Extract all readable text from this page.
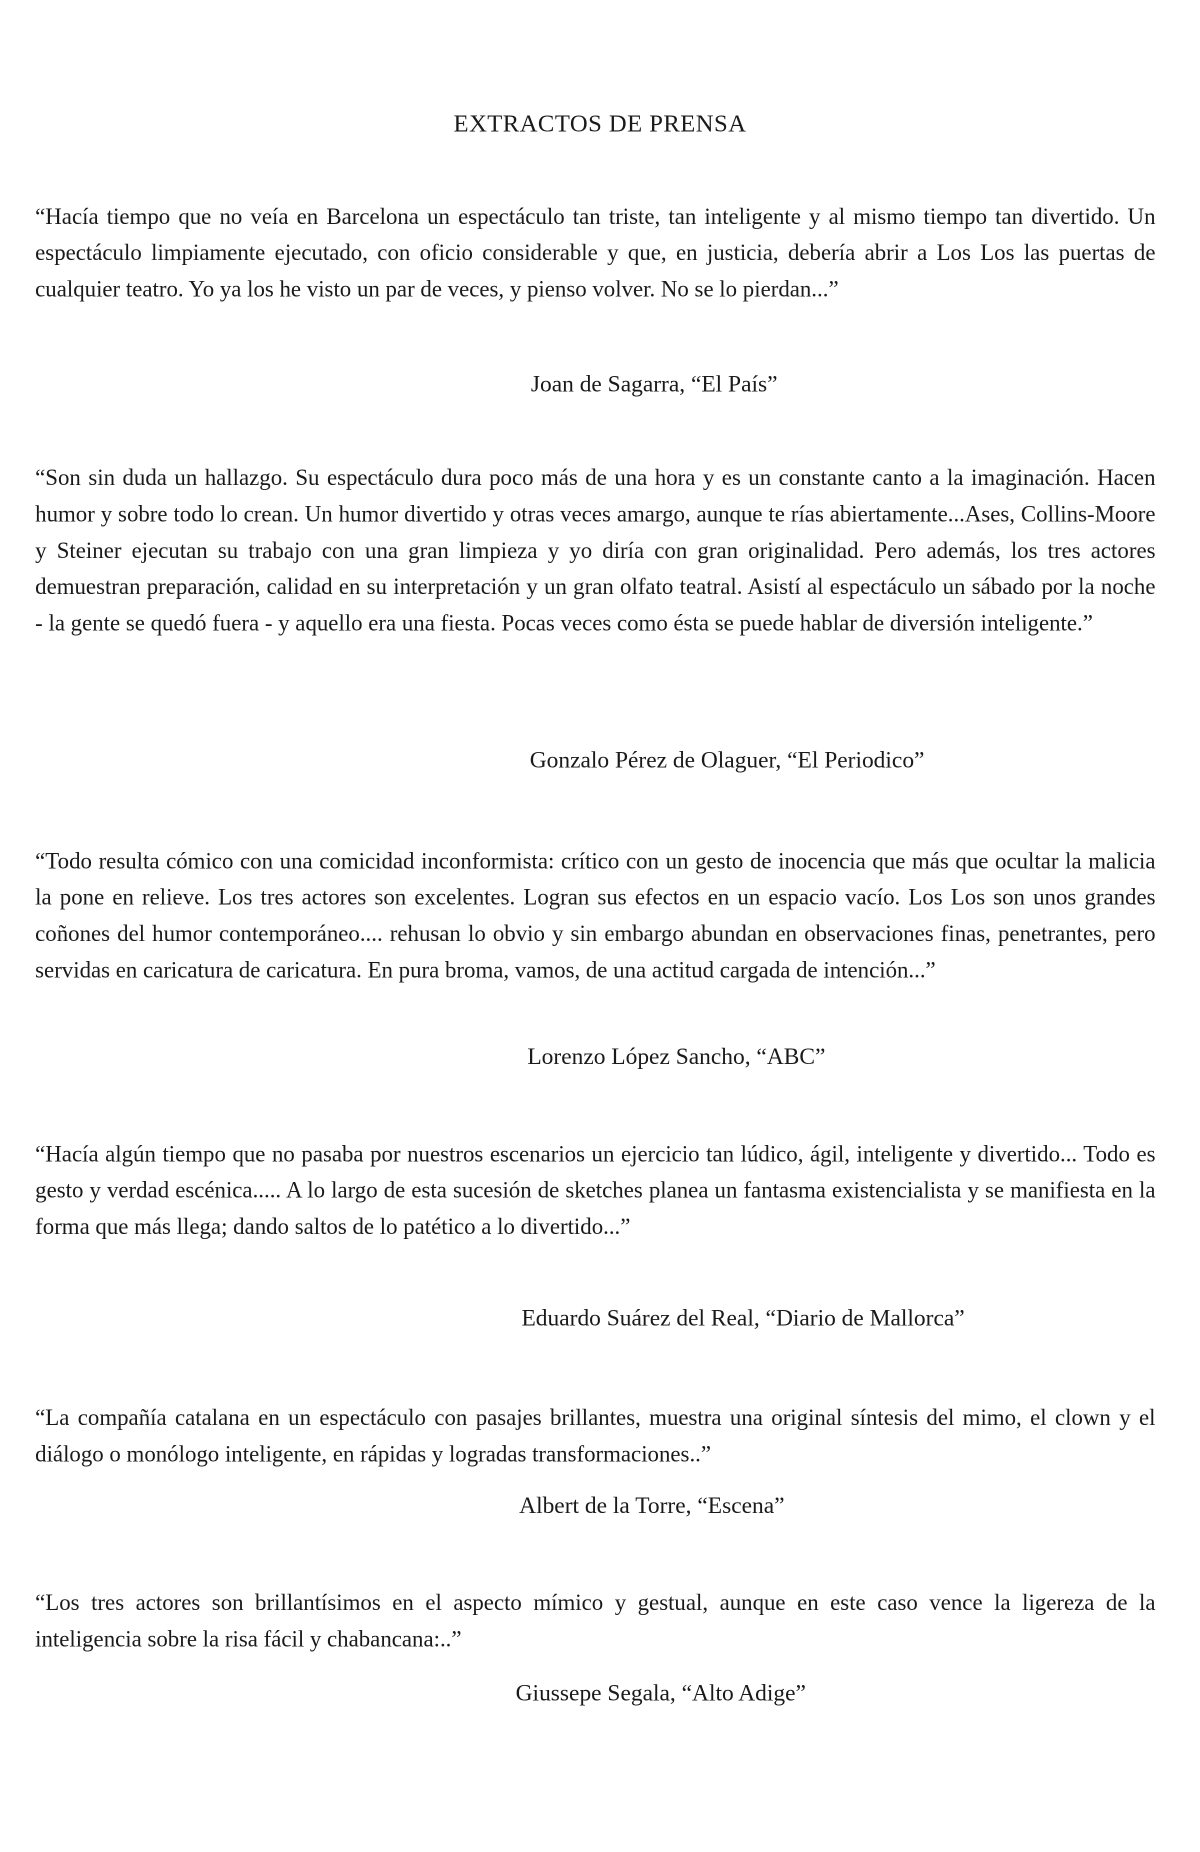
EXTRACTOS DE PRENSA

“Hacía tiempo que no veía en Barcelona un espectáculo tan triste, tan inteligente y al mismo tiempo tan divertido. Un espectáculo limpiamente ejecutado, con oficio considerable y que, en justicia, debería abrir a Los Los las puertas de cualquier teatro. Yo ya los he visto un par de veces, y pienso volver. No se lo pierdan...”

Joan de Sagarra, “El País”

“Son sin duda un hallazgo. Su espectáculo dura poco más de una hora y es un constante canto a la imaginación. Hacen humor y sobre todo lo crean. Un humor divertido y otras veces amargo, aunque te rías abiertamente...Ases, Collins-Moore y Steiner ejecutan su trabajo con una gran limpieza y yo diría con gran originalidad. Pero además, los tres actores demuestran preparación, calidad en su interpretación y un gran olfato teatral. Asistí al espectáculo un sábado por la noche - la gente se quedó fuera - y aquello era una fiesta. Pocas veces como ésta se puede hablar de diversión inteligente.”

Gonzalo Pérez de Olaguer, “El Periodico”

“Todo resulta cómico con una comicidad inconformista: crítico con un gesto de inocencia que más que ocultar la malicia la pone en relieve. Los tres actores son excelentes. Logran sus efectos en un espacio vacío. Los Los son unos grandes coñones del humor contemporáneo.... rehusan lo obvio y sin embargo abundan en observaciones finas, penetrantes, pero servidas en caricatura de caricatura. En pura broma, vamos, de una actitud cargada de intención...”

Lorenzo López Sancho, “ABC”

“Hacía algún tiempo que no pasaba por nuestros escenarios un ejercicio tan lúdico, ágil, inteligente y divertido... Todo es gesto y verdad escénica..... A lo largo de esta sucesión de sketches planea un fantasma existencialista y se manifiesta en la forma que más llega; dando saltos de lo patético a lo divertido...”

Eduardo Suárez del Real, “Diario de Mallorca”

“La compañía catalana en un espectáculo con pasajes brillantes, muestra una original síntesis del mimo, el clown y el diálogo o monólogo inteligente, en rápidas y logradas transformaciones..”

Albert de la Torre, “Escena”

“Los tres actores son brillantísimos en el aspecto mímico y gestual, aunque en este caso vence la ligereza de la inteligencia sobre la risa fácil y chabancana:..”

Giussepe Segala, “Alto Adige”
